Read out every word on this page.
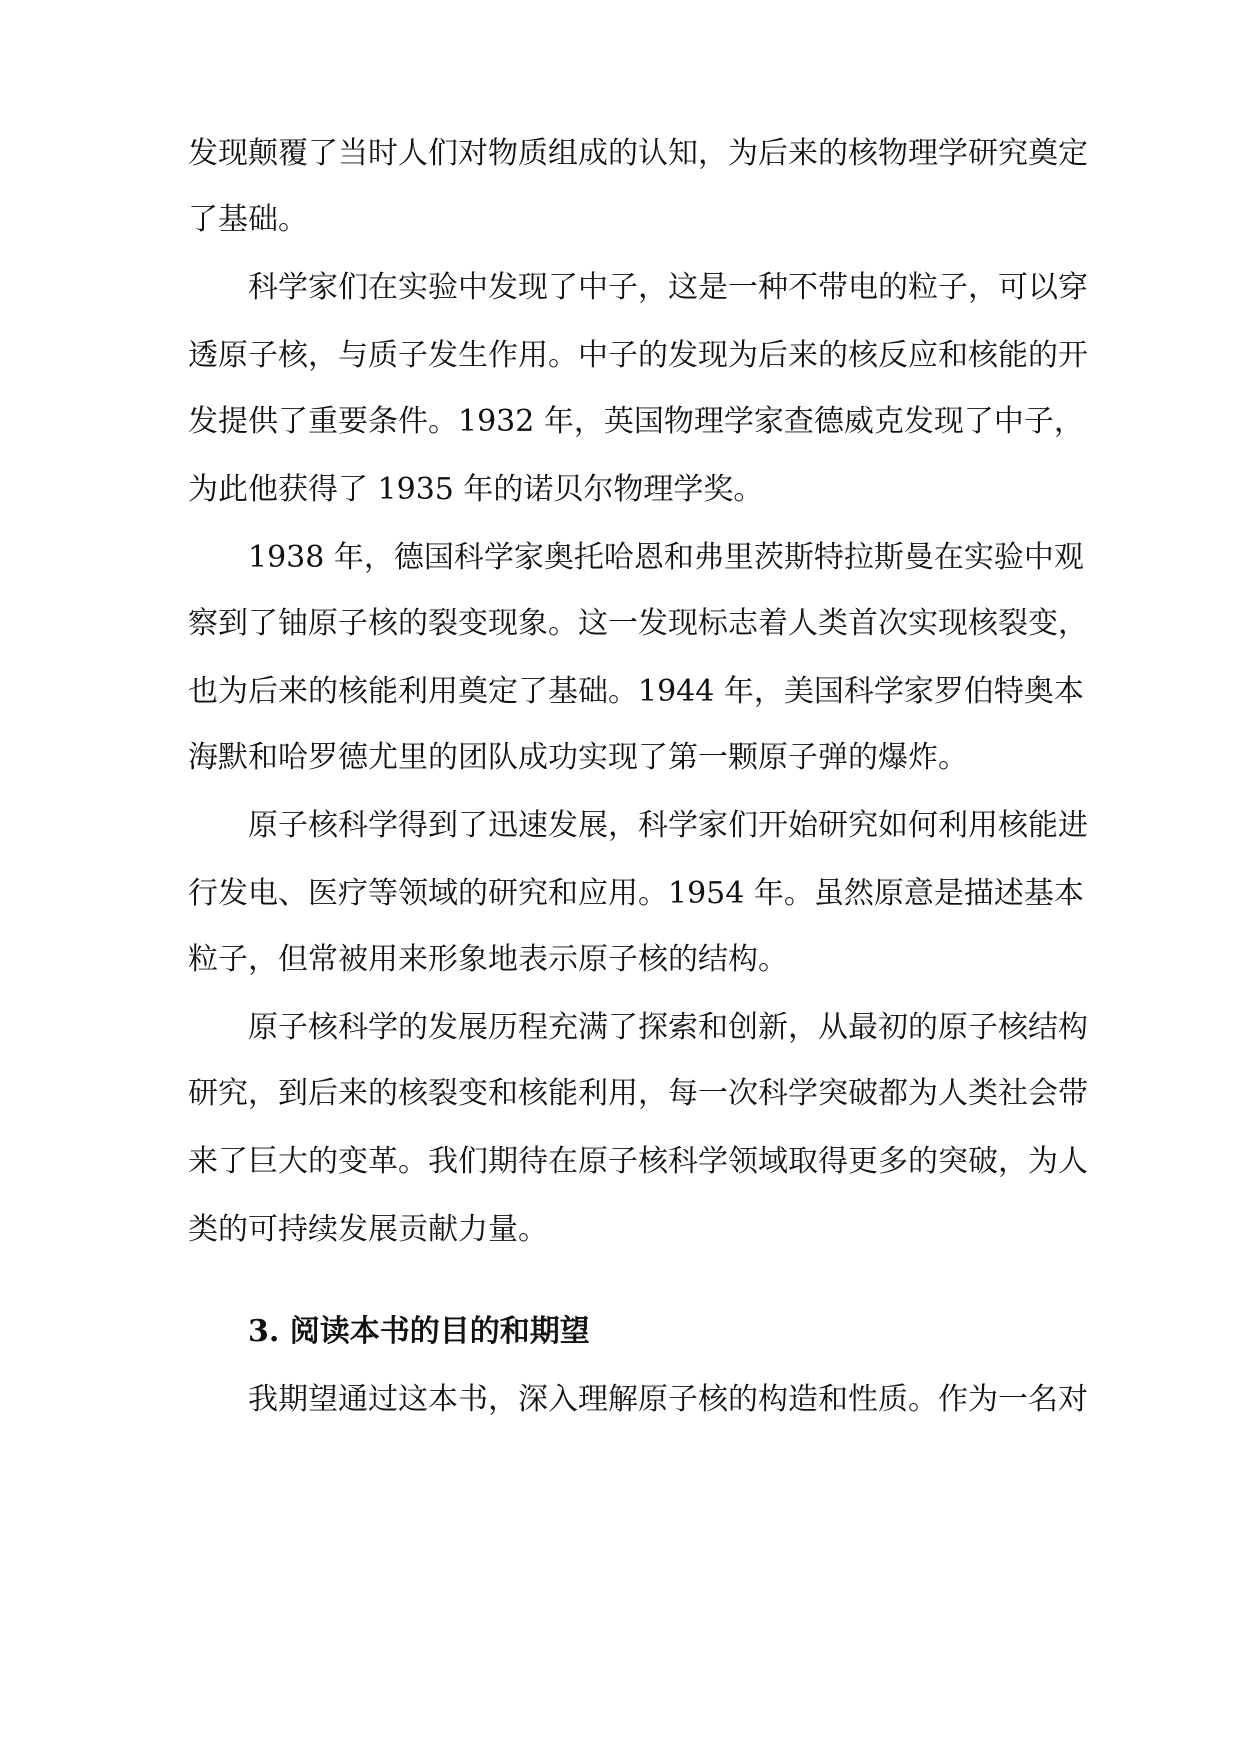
发现颠覆了当时人们对物质组成的认知，为后来的核物理学研究奠定
了基础。
科学家们在实验中发现了中子，这是一种不带电的粒子，可以穿
透原子核，与质子发生作用。中子的发现为后来的核反应和核能的开
发提供了重要条件。1932 年，英国物理学家查德威克发现了中子，
为此他获得了 1935 年的诺贝尔物理学奖。
1938 年，德国科学家奥托哈恩和弗里茨斯特拉斯曼在实验中观
察到了铀原子核的裂变现象。这一发现标志着人类首次实现核裂变，
也为后来的核能利用奠定了基础。1944 年，美国科学家罗伯特奥本
海默和哈罗德尤里的团队成功实现了第一颗原子弹的爆炸。
原子核科学得到了迅速发展，科学家们开始研究如何利用核能进
行发电、医疗等领域的研究和应用。1954 年。虽然原意是描述基本
粒子，但常被用来形象地表示原子核的结构。
原子核科学的发展历程充满了探索和创新，从最初的原子核结构
研究，到后来的核裂变和核能利用，每一次科学突破都为人类社会带
来了巨大的变革。我们期待在原子核科学领域取得更多的突破，为人
类的可持续发展贡献力量。
3. 阅读本书的目的和期望
我期望通过这本书，深入理解原子核的构造和性质。作为一名对
